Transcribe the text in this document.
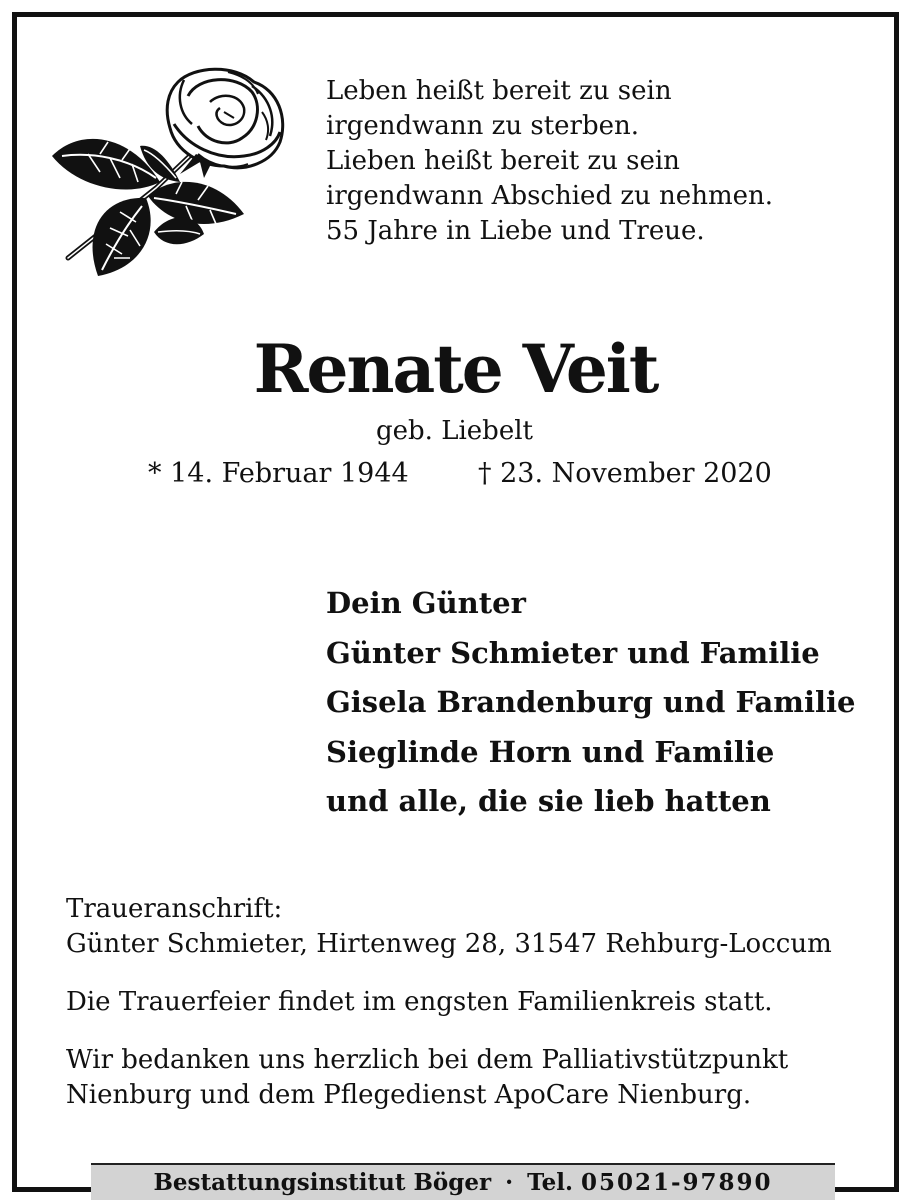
Leben heißt bereit zu sein
irgendwann zu sterben.
Lieben heißt bereit zu sein
irgendwann Abschied zu nehmen.
55 Jahre in Liebe und Treue.
Renate Veit
geb. Liebelt
* 14. Februar 1944	† 23. November 2020
Dein Günter
Günter Schmieter und Familie
Gisela Brandenburg und Familie
Sieglinde Horn und Familie
und alle, die sie lieb hatten
Traueranschrift:
Günter Schmieter, Hirtenweg 28, 31547 Rehburg-Loccum
Die Trauerfeier findet im engsten Familienkreis statt.
Wir bedanken uns herzlich bei dem Palliativstützpunkt
Nienburg und dem Pflegedienst ApoCare Nienburg.
Bestattungsinstitut Böger · Tel. 05021-97890
